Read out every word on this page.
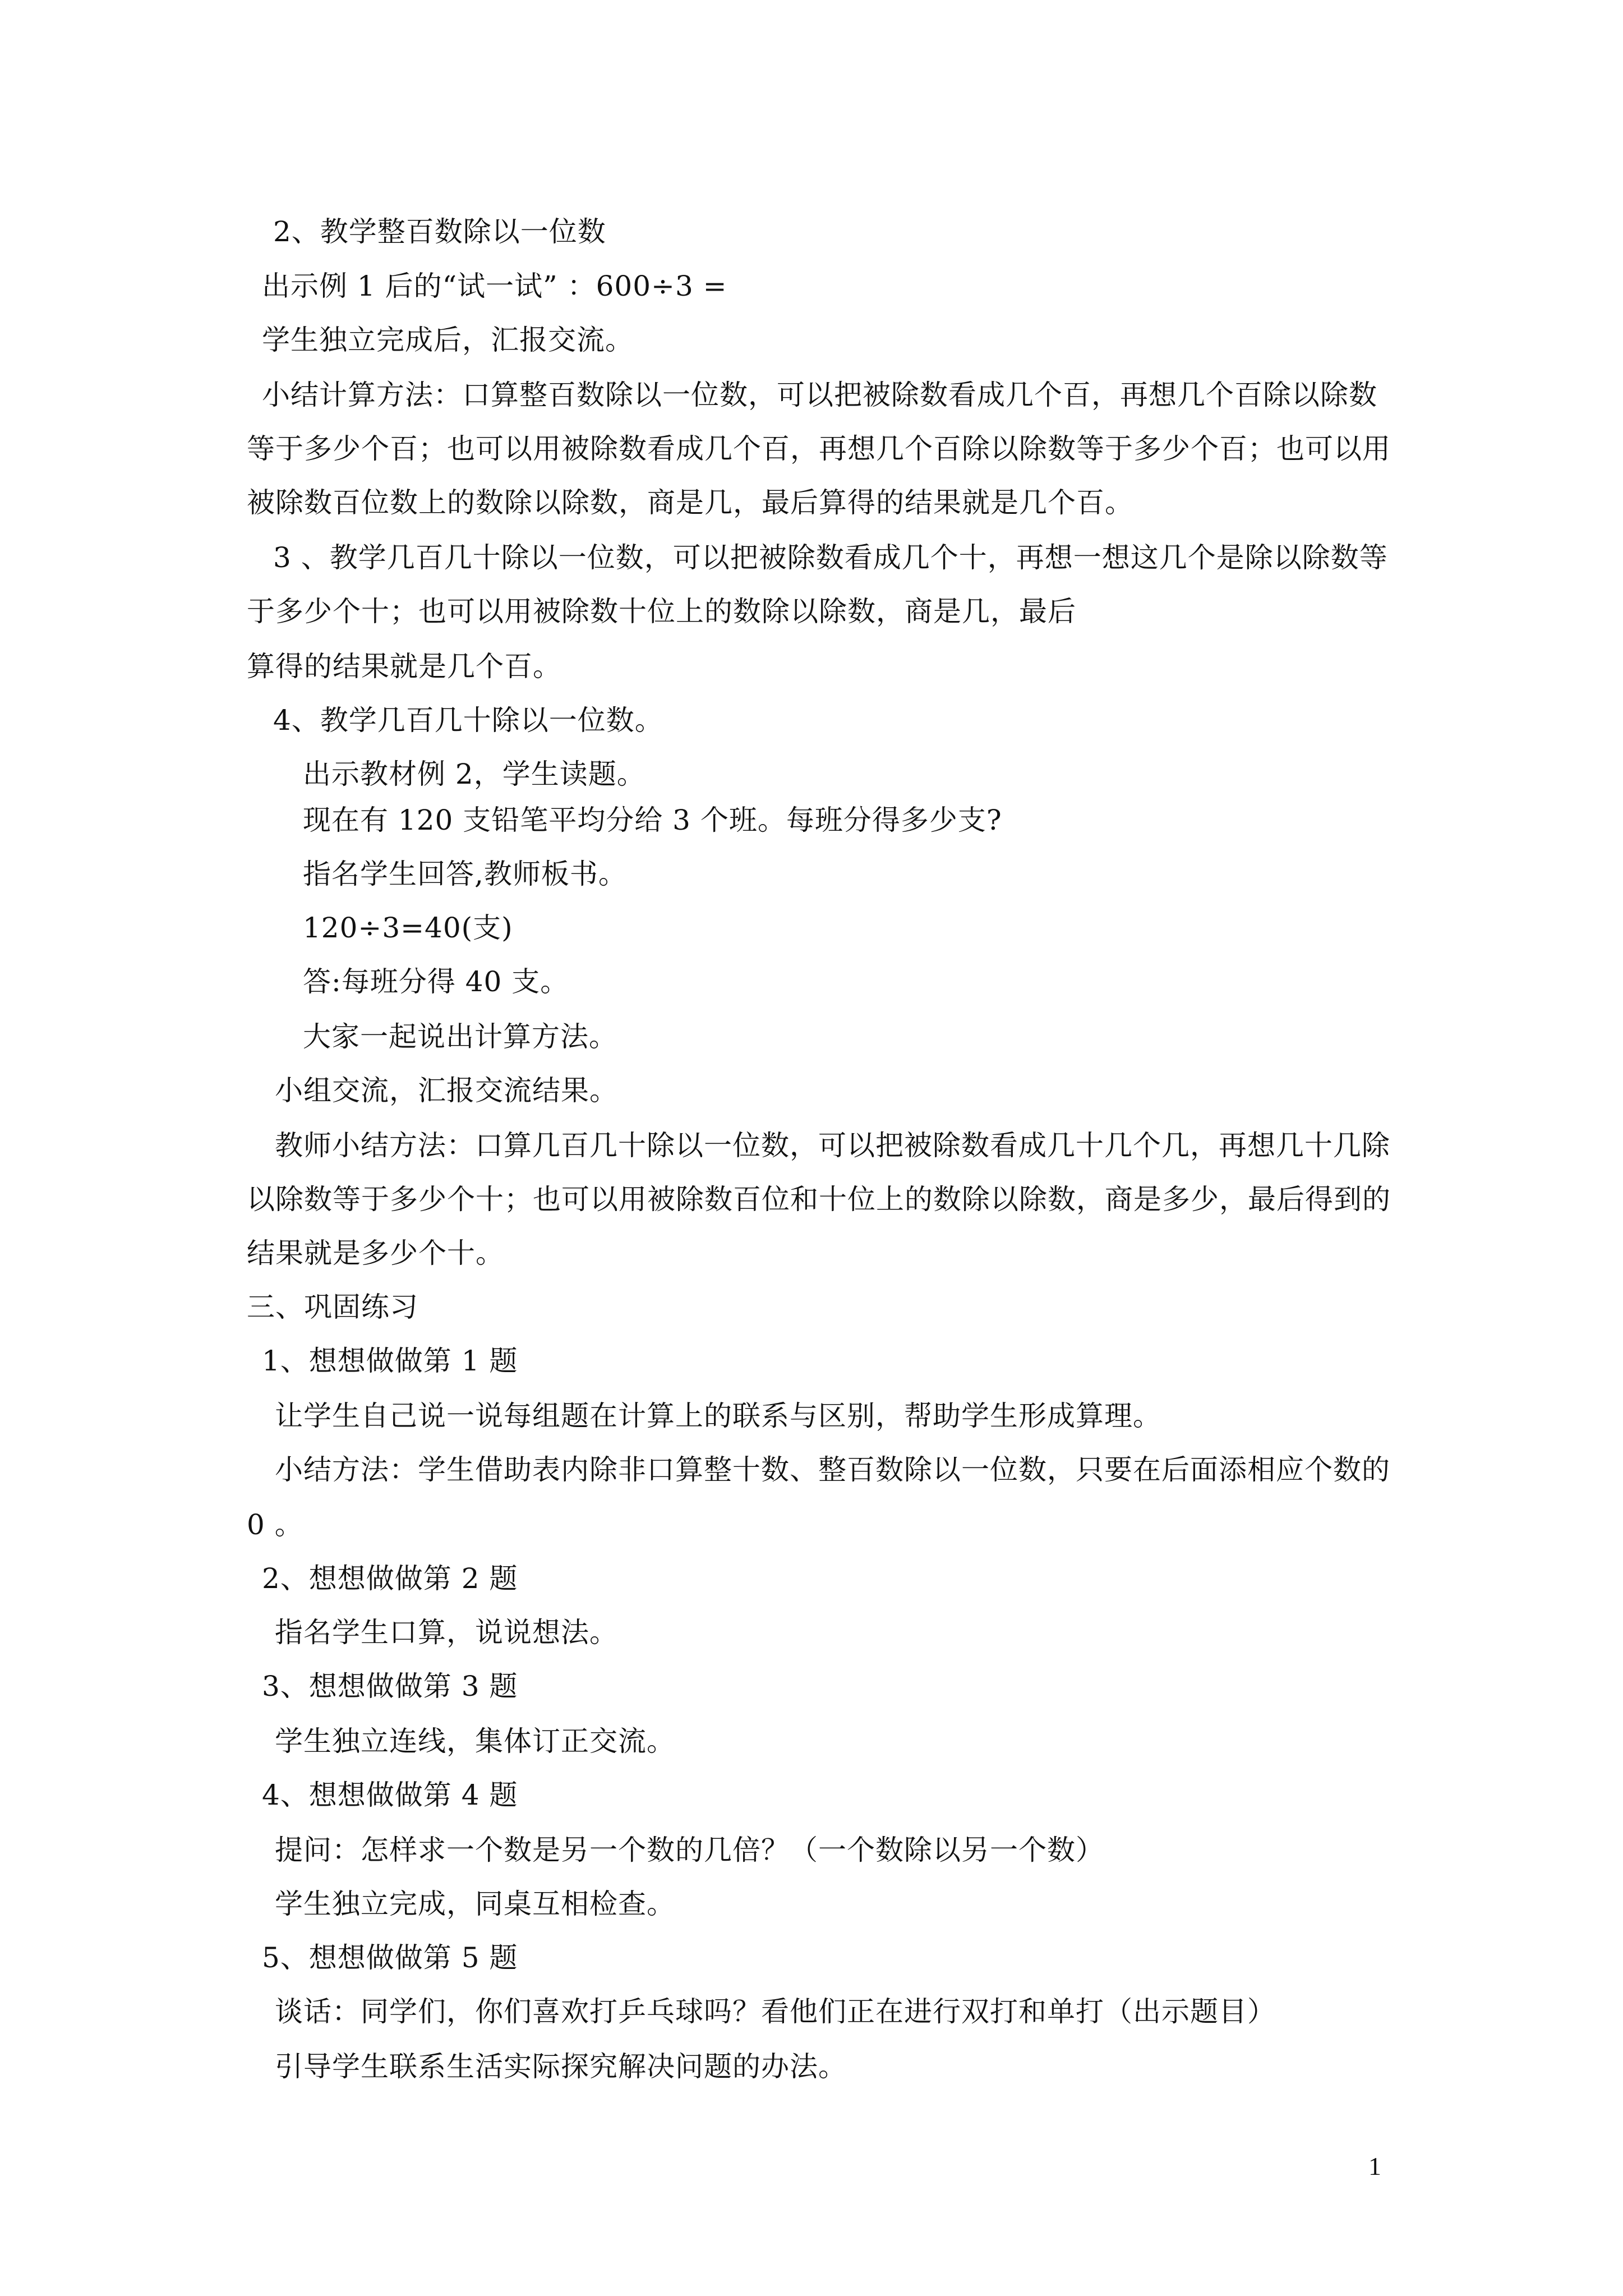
2、教学整百数除以一位数
出示例 1 后的“试一试” ：600÷3 =
学生独立完成后，汇报交流。
小结计算方法：口算整百数除以一位数，可以把被除数看成几个百，再想几个百除以除数
等于多少个百；也可以用被除数看成几个百，再想几个百除以除数等于多少个百；也可以用
被除数百位数上的数除以除数，商是几，最后算得的结果就是几个百。
3 、教学几百几十除以一位数，可以把被除数看成几个十，再想一想这几个是除以除数等
于多少个十；也可以用被除数十位上的数除以除数，商是几，最后
算得的结果就是几个百。
4、教学几百几十除以一位数。
出示教材例 2，学生读题。
现在有 120 支铅笔平均分给 3 个班。每班分得多少支?
指名学生回答,教师板书。
120÷3=40(支)
答:每班分得 40 支。
大家一起说出计算方法。
小组交流，汇报交流结果。
教师小结方法：口算几百几十除以一位数，可以把被除数看成几十几个几，再想几十几除
以除数等于多少个十；也可以用被除数百位和十位上的数除以除数，商是多少，最后得到的
结果就是多少个十。
三、巩固练习
1、想想做做第 1 题
让学生自己说一说每组题在计算上的联系与区别，帮助学生形成算理。
小结方法：学生借助表内除非口算整十数、整百数除以一位数，只要在后面添相应个数的
0 。
2、想想做做第 2 题
指名学生口算，说说想法。
3、想想做做第 3 题
学生独立连线，集体订正交流。
4、想想做做第 4 题
提问：怎样求一个数是另一个数的几倍？（一个数除以另一个数）
学生独立完成，同桌互相检查。
5、想想做做第 5 题
谈话：同学们，你们喜欢打乒乓球吗？看他们正在进行双打和单打（出示题目）
引导学生联系生活实际探究解决问题的办法。
1
